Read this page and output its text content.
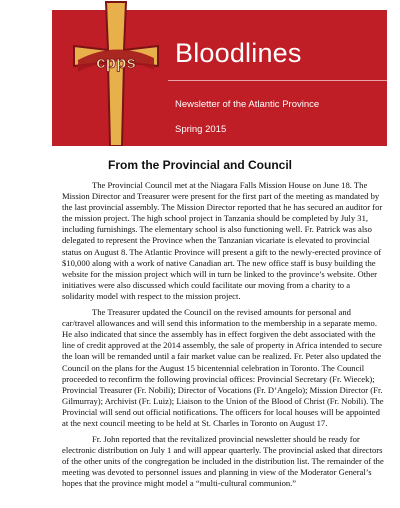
cpps Bloodlines
Newsletter of the Atlantic Province
Spring 2015
From the Provincial and Council

The Provincial Council met at the Niagara Falls Mission House on June 18. The Mission Director and Treasurer were present for the first part of the meeting as mandated by the last provincial assembly. The Mission Director reported that he has secured an auditor for the mission project. The high school project in Tanzania should be completed by July 31, including furnishings. The elementary school is also functioning well. Fr. Patrick was also delegated to represent the Province when the Tanzanian vicariate is elevated to provincial status on August 8. The Atlantic Province will present a gift to the newly-erected province of $10,000 along with a work of native Canadian art. The new office staff is busy building the website for the mission project which will in turn be linked to the province’s website. Other initiatives were also discussed which could facilitate our moving from a charity to a solidarity model with respect to the mission project.

The Treasurer updated the Council on the revised amounts for personal and car/travel allowances and will send this information to the membership in a separate memo. He also indicated that since the assembly has in effect forgiven the debt associated with the line of credit approved at the 2014 assembly, the sale of property in Africa intended to secure the loan will be remanded until a fair market value can be realized. Fr. Peter also updated the Council on the plans for the August 15 bicentennial celebration in Toronto. The Council proceeded to reconfirm the following provincial offices: Provincial Secretary (Fr. Wiecek); Provincial Treasurer (Fr. Nobili); Director of Vocations (Fr. D’Angelo); Mission Director (Fr. Gilmurray); Archivist (Fr. Luiz); Liaison to the Union of the Blood of Christ (Fr. Nobili). The Provincial will send out official notifications. The officers for local houses will be appointed at the next council meeting to be held at St. Charles in Toronto on August 17.

Fr. John reported that the revitalized provincial newsletter should be ready for electronic distribution on July 1 and will appear quarterly. The provincial asked that directors of the other units of the congregation be included in the distribution list. The remainder of the meeting was devoted to personnel issues and planning in view of the Moderator General’s hopes that the province might model a “multi-cultural communion.”
